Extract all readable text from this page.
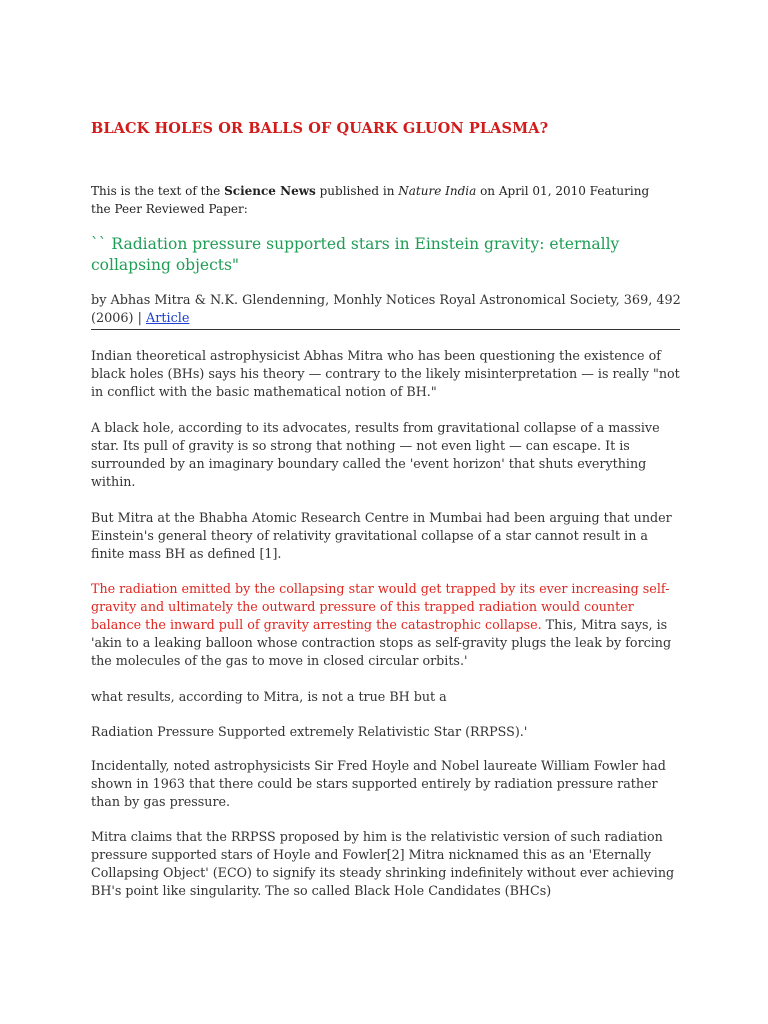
BLACK HOLES OR BALLS OF QUARK GLUON PLASMA?
This is the text of the Science News published in Nature India on April 01, 2010 Featuring the Peer Reviewed Paper:
`` Radiation pressure supported stars in Einstein gravity: eternally collapsing objects"
by Abhas Mitra & N.K. Glendenning, Monhly Notices Royal Astronomical Society, 369, 492 (2006) | Article

Indian theoretical astrophysicist Abhas Mitra who has been questioning the existence of black holes (BHs) says his theory — contrary to the likely misinterpretation — is really "not in conflict with the basic mathematical notion of BH."

A black hole, according to its advocates, results from gravitational collapse of a massive star. Its pull of gravity is so strong that nothing — not even light — can escape. It is surrounded by an imaginary boundary called the 'event horizon' that shuts everything within.

But Mitra at the Bhabha Atomic Research Centre in Mumbai had been arguing that under Einstein's general theory of relativity gravitational collapse of a star cannot result in a finite mass BH as defined [1].

The radiation emitted by the collapsing star would get trapped by its ever increasing self-gravity and ultimately the outward pressure of this trapped radiation would counter balance the inward pull of gravity arresting the catastrophic collapse. This, Mitra says, is 'akin to a leaking balloon whose contraction stops as self-gravity plugs the leak by forcing the molecules of the gas to move in closed circular orbits.'

what results, according to Mitra, is not a true BH but a

Radiation Pressure Supported extremely Relativistic Star (RRPSS).'

Incidentally, noted astrophysicists Sir Fred Hoyle and Nobel laureate William Fowler had shown in 1963 that there could be stars supported entirely by radiation pressure rather than by gas pressure.

Mitra claims that the RRPSS proposed by him is the relativistic version of such radiation pressure supported stars of Hoyle and Fowler[2] Mitra nicknamed this as an 'Eternally Collapsing Object' (ECO) to signify its steady shrinking indefinitely without ever achieving BH's point like singularity. The so called Black Hole Candidates (BHCs)
